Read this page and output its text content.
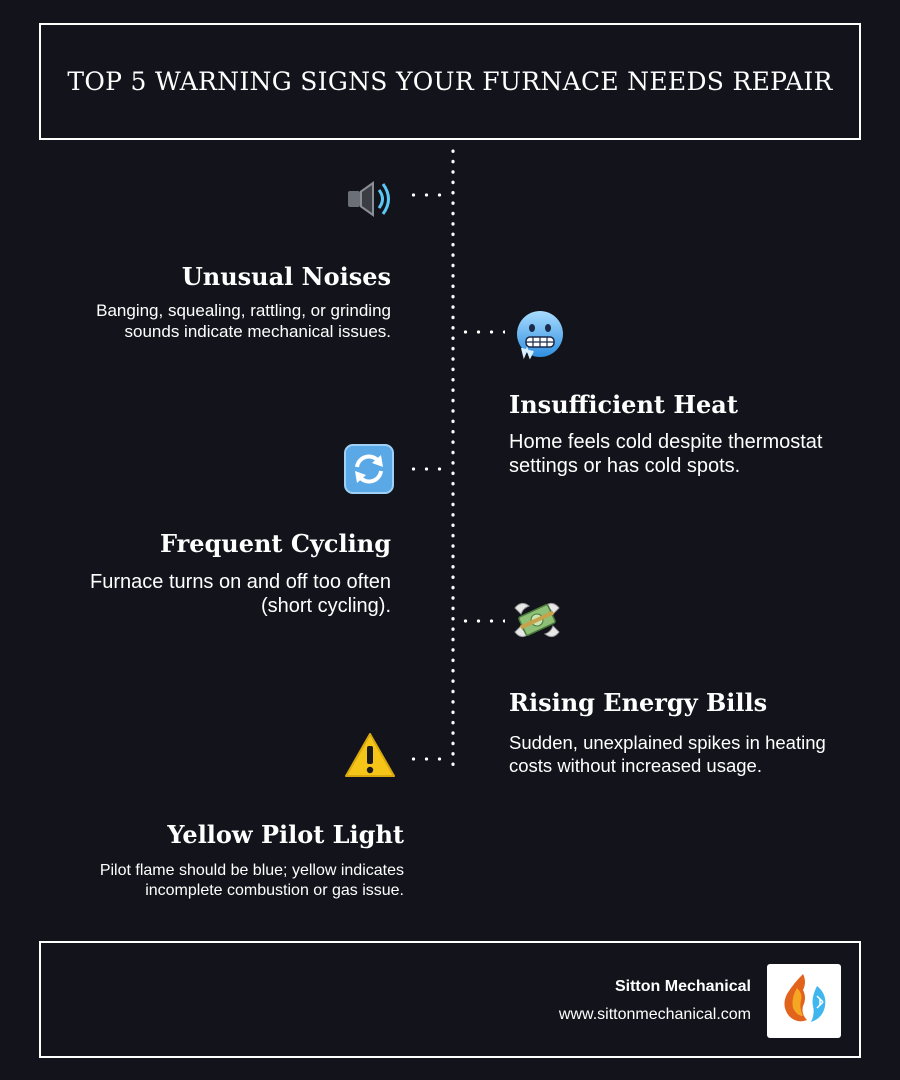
TOP 5 WARNING SIGNS YOUR FURNACE NEEDS REPAIR
Unusual Noises
Banging, squealing, rattling, or grinding
sounds indicate mechanical issues.
Insufficient Heat
Home feels cold despite thermostat
settings or has cold spots.
Frequent Cycling
Furnace turns on and off too often
(short cycling).
Rising Energy Bills
Sudden, unexplained spikes in heating
costs without increased usage.
Yellow Pilot Light
Pilot flame should be blue; yellow indicates
incomplete combustion or gas issue.
Sitton Mechanical
www.sittonmechanical.com
